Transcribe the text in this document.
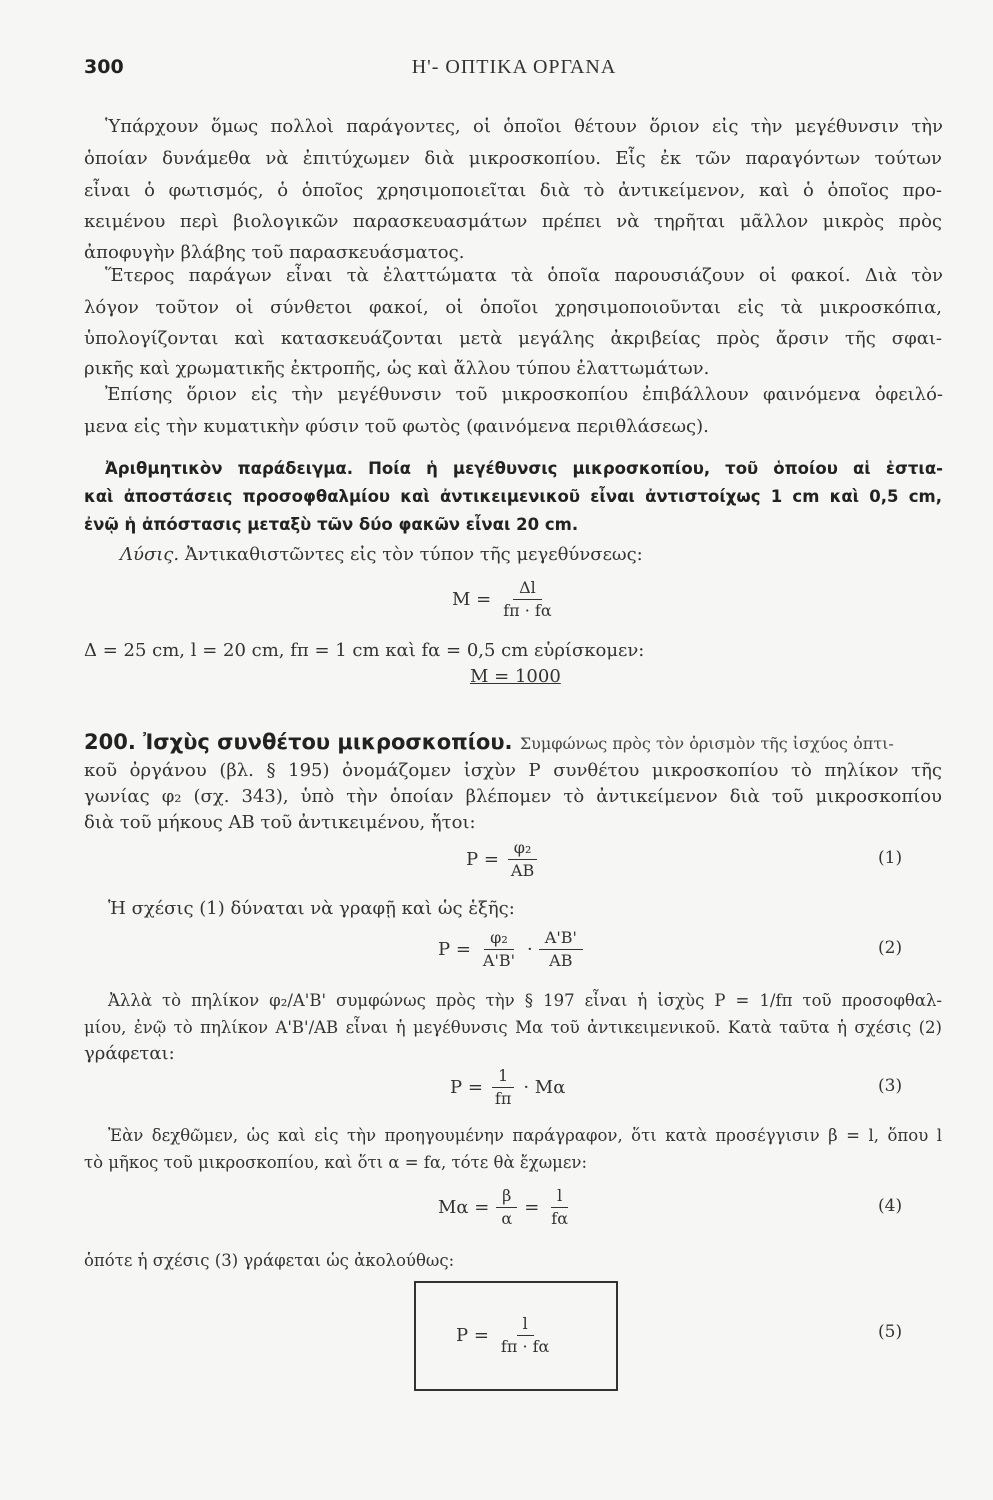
300	Η'- ΟΠΤΙΚΑ ΟΡΓΑΝΑ
Ὑπάρχουν ὅμως πολλοὶ παράγοντες, οἱ ὁποῖοι θέτουν ὅριον εἰς τὴν μεγέθυνσιν τὴν
ὁποίαν δυνάμεθα νὰ ἐπιτύχωμεν διὰ μικροσκοπίου. Εἷς ἐκ τῶν παραγόντων τούτων
εἶναι ὁ φωτισμός, ὁ ὁποῖος χρησιμοποιεῖται διὰ τὸ ἀντικείμενον, καὶ ὁ ὁποῖος προ-
κειμένου περὶ βιολογικῶν παρασκευασμάτων πρέπει νὰ τηρῆται μᾶλλον μικρὸς πρὸς
ἀποφυγὴν βλάβης τοῦ παρασκευάσματος.
Ἕτερος παράγων εἶναι τὰ ἐλαττώματα τὰ ὁποῖα παρουσιάζουν οἱ φακοί. Διὰ τὸν
λόγον τοῦτον οἱ σύνθετοι φακοί, οἱ ὁποῖοι χρησιμοποιοῦνται εἰς τὰ μικροσκόπια,
ὑπολογίζονται καὶ κατασκευάζονται μετὰ μεγάλης ἀκριβείας πρὸς ἄρσιν τῆς σφαι-
ρικῆς καὶ χρωματικῆς ἐκτροπῆς, ὡς καὶ ἄλλου τύπου ἐλαττωμάτων.
Ἐπίσης ὅριον εἰς τὴν μεγέθυνσιν τοῦ μικροσκοπίου ἐπιβάλλουν φαινόμενα ὀφειλό-
μενα εἰς τὴν κυματικὴν φύσιν τοῦ φωτὸς (φαινόμενα περιθλάσεως).
Ἀριθμητικὸν παράδειγμα. Ποία ἡ μεγέθυνσις μικροσκοπίου, τοῦ ὁποίου αἱ ἑστια-
καὶ ἀποστάσεις προσοφθαλμίου καὶ ἀντικειμενικοῦ εἶναι ἀντιστοίχως 1 cm καὶ 0,5 cm,
ἐνῷ ἡ ἀπόστασις μεταξὺ τῶν δύο φακῶν εἶναι 20 cm.
Λύσις. Ἀντικαθιστῶντες εἰς τὸν τύπον τῆς μεγεθύνσεως:
$M = \frac{\Delta l}{f\pi \cdot f\alpha}$
Δ = 25 cm, l = 20 cm, fπ = 1 cm καὶ fα = 0,5 cm εὑρίσκομεν:
M = 1000
200. Ἰσχὺς συνθέτου μικροσκοπίου. Συμφώνως πρὸς τὸν ὁρισμὸν τῆς ἰσχύος ὀπτι-
κοῦ ὀργάνου (βλ. § 195) ὀνομάζομεν ἰσχὺν P συνθέτου μικροσκοπίου τὸ πηλίκον τῆς
γωνίας φ₂ (σχ. 343), ὑπὸ τὴν ὁποίαν βλέπομεν τὸ ἀντικείμενον διὰ τοῦ μικροσκοπίου
διὰ τοῦ μήκους AB τοῦ ἀντικειμένου, ἤτοι:
$P = \frac{\text{φ₂}}{AB}$	(1)
Ἡ σχέσις (1) δύναται νὰ γραφῇ καὶ ὡς ἑξῆς:
$P = \frac{\text{φ₂}}{A'B'} \cdot \frac{A'B'}{AB}$	(2)
Ἀλλὰ τὸ πηλίκον φ₂/A'B' συμφώνως πρὸς τὴν § 197 εἶναι ἡ ἰσχὺς P = 1/fπ τοῦ προσοφθαλ-
μίου, ἐνῷ τὸ πηλίκον A'B'/AB εἶναι ἡ μεγέθυνσις Mα τοῦ ἀντικειμενικοῦ. Κατὰ ταῦτα ἡ σχέσις (2)
γράφεται:
$P = \frac{1}{f\pi} \cdot M\alpha$	(3)
Ἐὰν δεχθῶμεν, ὡς καὶ εἰς τὴν προηγουμένην παράγραφον, ὅτι κατὰ προσέγγισιν β = l, ὅπου l
τὸ μῆκος τοῦ μικροσκοπίου, καὶ ὅτι α = fα, τότε θὰ ἔχωμεν:
$M\alpha = \frac{\beta}{\alpha} = \frac{l}{f\alpha}$	(4)
ὁπότε ἡ σχέσις (3) γράφεται ὡς ἀκολούθως:
$P = \frac{l}{f\pi \cdot f\alpha}$	(5)
